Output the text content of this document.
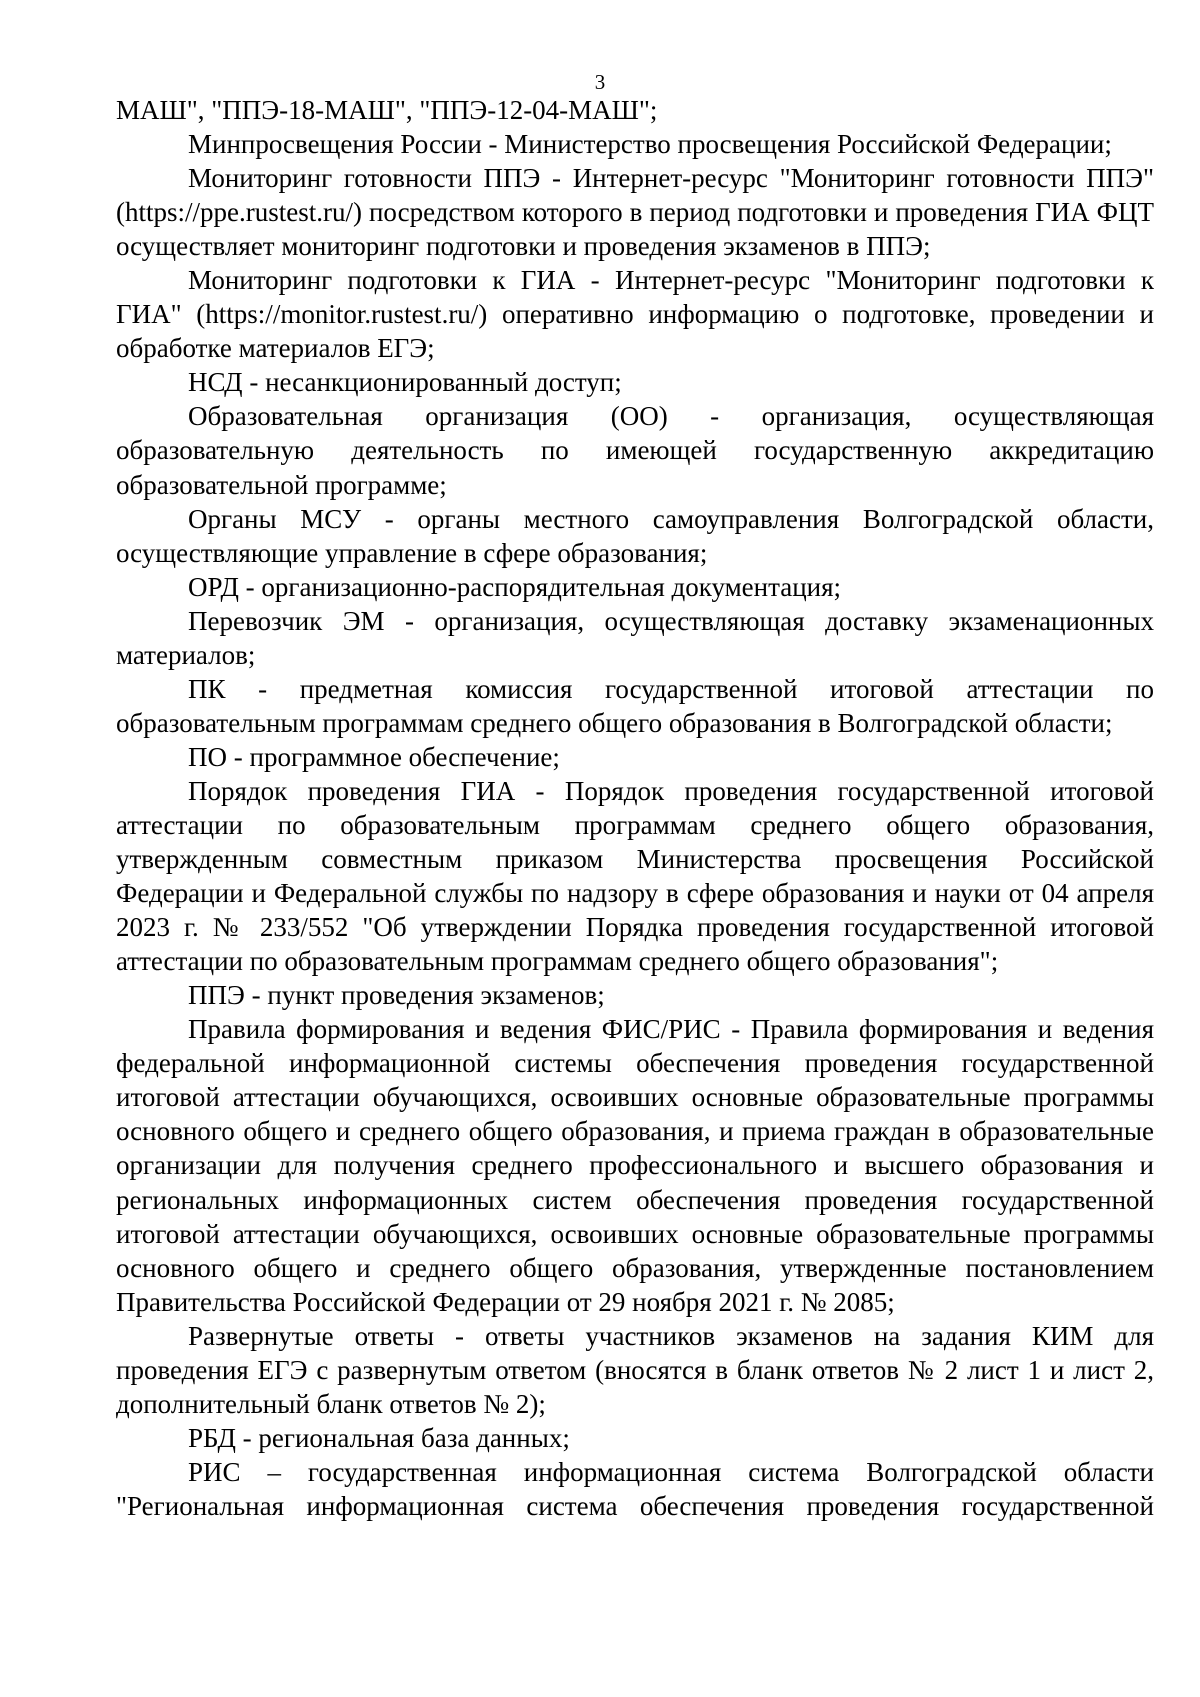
3

МАШ", "ППЭ-18-МАШ", "ППЭ-12-04-МАШ";

Минпросвещения России - Министерство просвещения Российской Федерации;

Мониторинг готовности ППЭ - Интернет-ресурс "Мониторинг готовности ППЭ" (https://ppe.rustest.ru/) посредством которого в период подготовки и проведения ГИА ФЦТ осуществляет мониторинг подготовки и проведения экзаменов в ППЭ;

Мониторинг подготовки к ГИА - Интернет-ресурс "Мониторинг подготовки к ГИА" (https://monitor.rustest.ru/) оперативно информацию о подготовке, проведении и обработке материалов ЕГЭ;

НСД - несанкционированный доступ;

Образовательная организация (ОО) - организация, осуществляющая образовательную деятельность по имеющей государственную аккредитацию образовательной программе;

Органы МСУ - органы местного самоуправления Волгоградской области, осуществляющие управление в сфере образования;

ОРД - организационно-распорядительная документация;

Перевозчик ЭМ - организация, осуществляющая доставку экзаменационных материалов;

ПК - предметная комиссия государственной итоговой аттестации по образовательным программам среднего общего образования в Волгоградской области;

ПО - программное обеспечение;

Порядок проведения ГИА - Порядок проведения государственной итоговой аттестации по образовательным программам среднего общего образования, утвержденным совместным приказом Министерства просвещения Российской Федерации и Федеральной службы по надзору в сфере образования и науки от 04 апреля 2023 г. № 233/552 "Об утверждении Порядка проведения государственной итоговой аттестации по образовательным программам среднего общего образования";

ППЭ - пункт проведения экзаменов;

Правила формирования и ведения ФИС/РИС - Правила формирования и ведения федеральной информационной системы обеспечения проведения государственной итоговой аттестации обучающихся, освоивших основные образовательные программы основного общего и среднего общего образования, и приема граждан в образовательные организации для получения среднего профессионального и высшего образования и региональных информационных систем обеспечения проведения государственной итоговой аттестации обучающихся, освоивших основные образовательные программы основного общего и среднего общего образования, утвержденные постановлением Правительства Российской Федерации от 29 ноября 2021 г. № 2085;

Развернутые ответы - ответы участников экзаменов на задания КИМ для проведения ЕГЭ с развернутым ответом (вносятся в бланк ответов № 2 лист 1 и лист 2, дополнительный бланк ответов № 2);

РБД - региональная база данных;

РИС – государственная информационная система Волгоградской области "Региональная информационная система обеспечения проведения государственной
